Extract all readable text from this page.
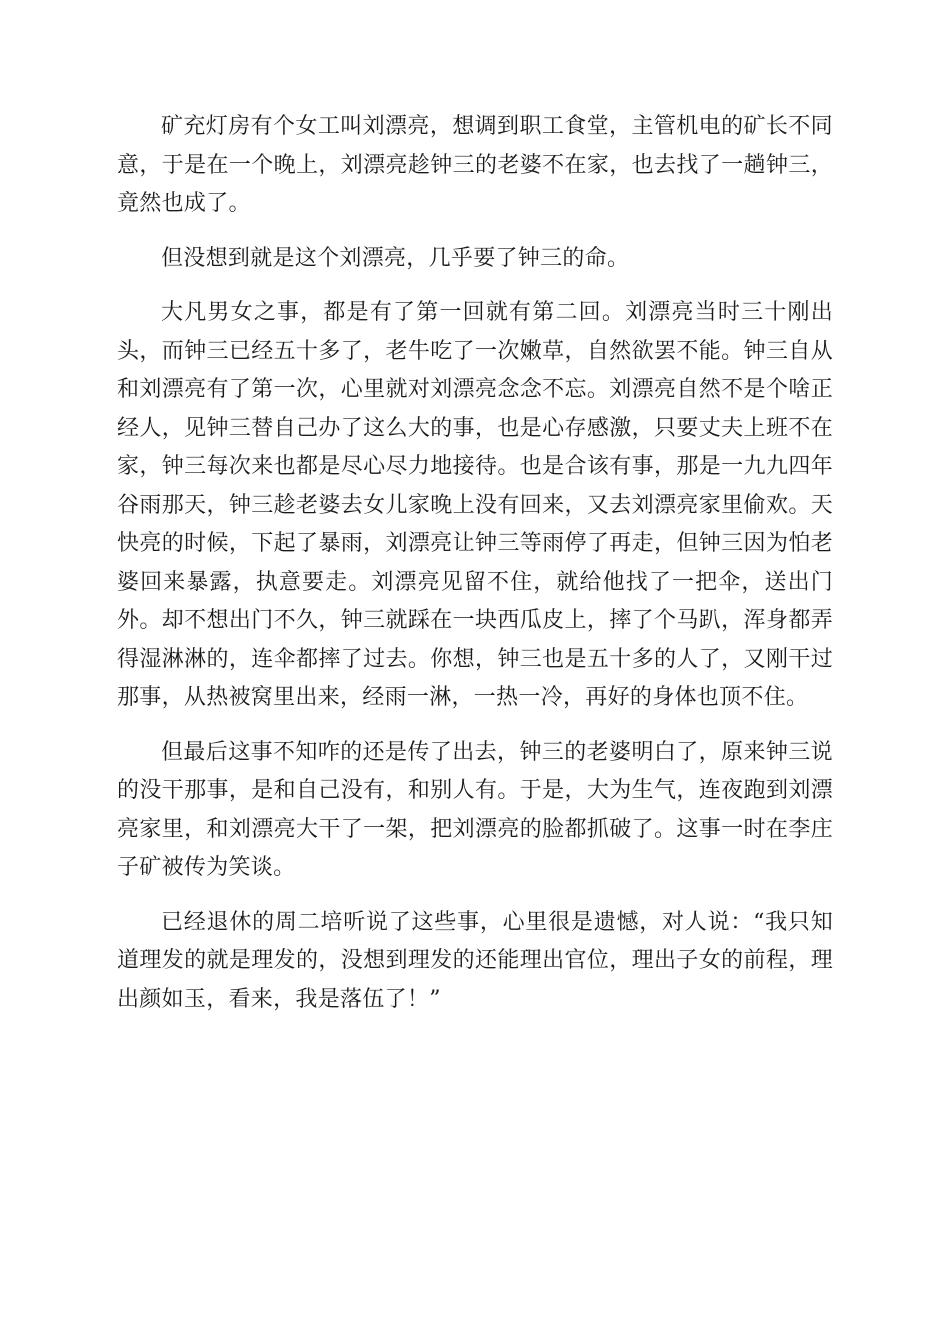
矿充灯房有个女工叫刘漂亮，想调到职工食堂，主管机电的矿长不同意，于是在一个晚上，刘漂亮趁钟三的老婆不在家，也去找了一趟钟三，竟然也成了。

但没想到就是这个刘漂亮，几乎要了钟三的命。

大凡男女之事，都是有了第一回就有第二回。刘漂亮当时三十刚出头，而钟三已经五十多了，老牛吃了一次嫩草，自然欲罢不能。钟三自从和刘漂亮有了第一次，心里就对刘漂亮念念不忘。刘漂亮自然不是个啥正经人，见钟三替自己办了这么大的事，也是心存感激，只要丈夫上班不在家，钟三每次来也都是尽心尽力地接待。也是合该有事，那是一九九四年谷雨那天，钟三趁老婆去女儿家晚上没有回来，又去刘漂亮家里偷欢。天快亮的时候，下起了暴雨，刘漂亮让钟三等雨停了再走，但钟三因为怕老婆回来暴露，执意要走。刘漂亮见留不住，就给他找了一把伞，送出门外。却不想出门不久，钟三就踩在一块西瓜皮上，摔了个马趴，浑身都弄得湿淋淋的，连伞都摔了过去。你想，钟三也是五十多的人了，又刚干过那事，从热被窝里出来，经雨一淋，一热一冷，再好的身体也顶不住。

但最后这事不知咋的还是传了出去，钟三的老婆明白了，原来钟三说的没干那事，是和自己没有，和别人有。于是，大为生气，连夜跑到刘漂亮家里，和刘漂亮大干了一架，把刘漂亮的脸都抓破了。这事一时在李庄子矿被传为笑谈。

已经退休的周二培听说了这些事，心里很是遗憾，对人说：“我只知道理发的就是理发的，没想到理发的还能理出官位，理出子女的前程，理出颜如玉，看来，我是落伍了！”
